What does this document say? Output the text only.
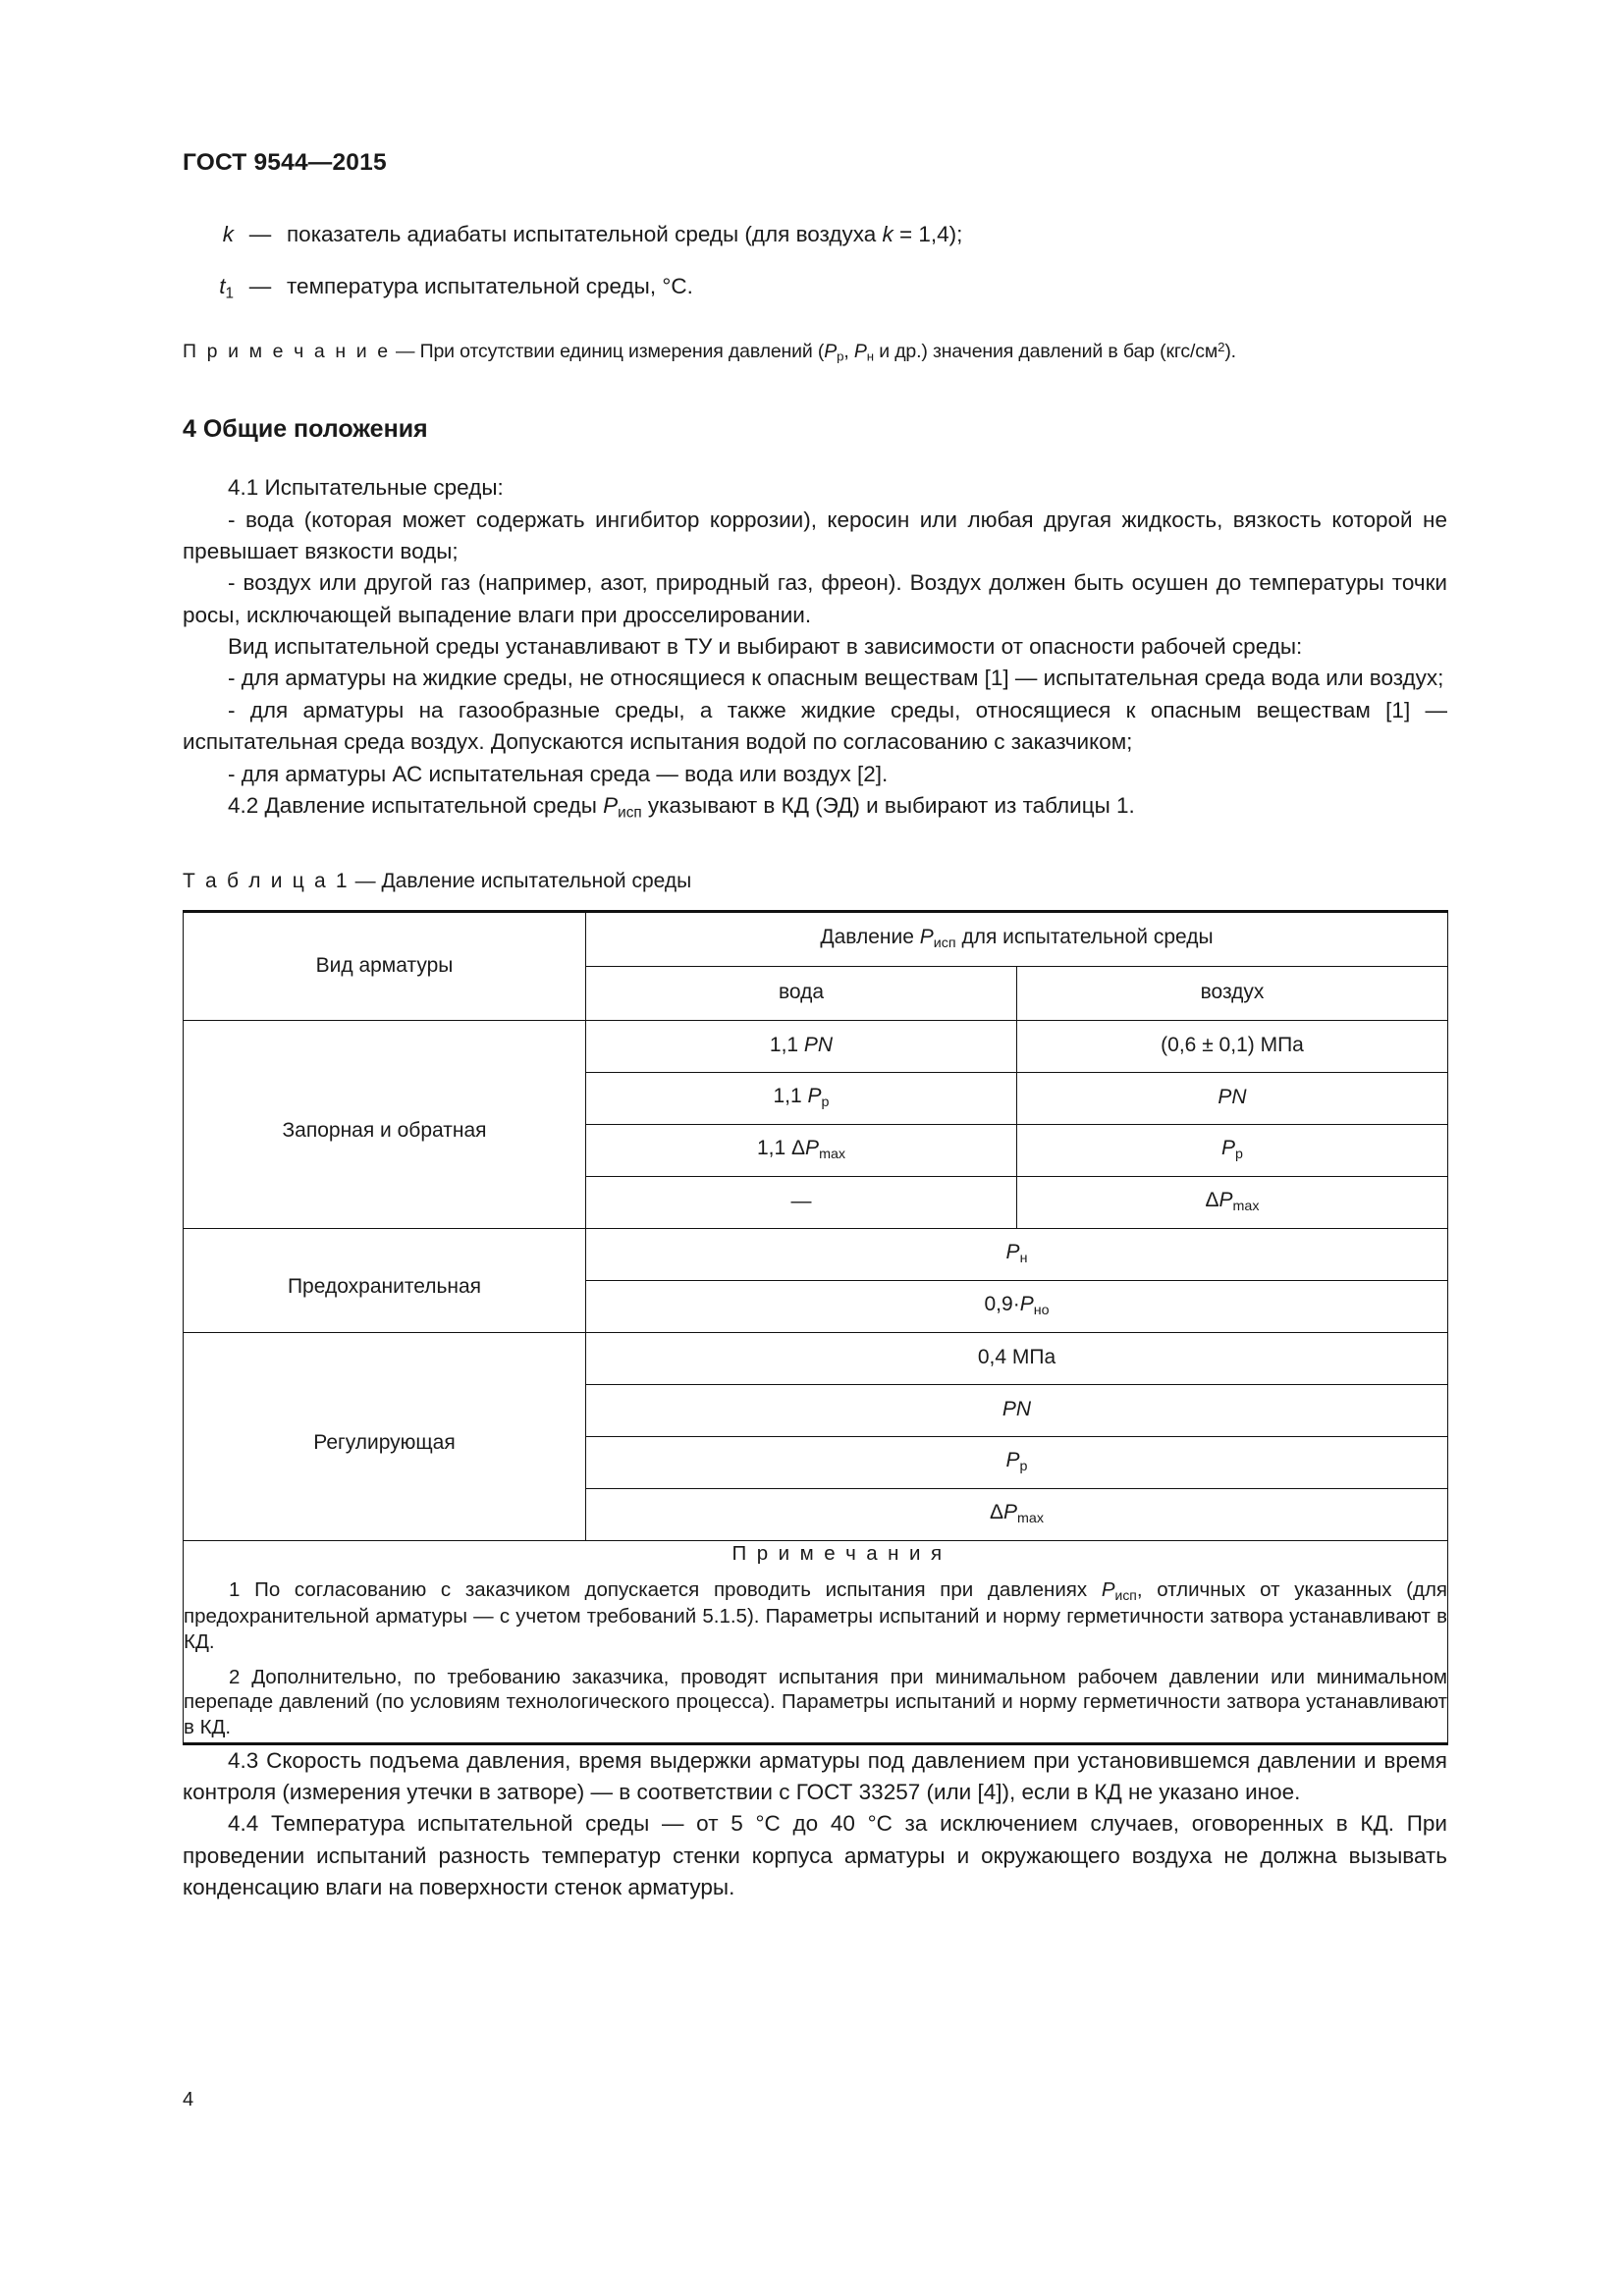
ГОСТ 9544—2015
k — показатель адиабаты испытательной среды (для воздуха k = 1,4);
$t_1$ — температура испытательной среды, °С.
П р и м е ч а н и е — При отсутствии единиц измерения давлений ($P_р$, $P_н$ и др.) значения давлений в бар $(кгс/см^2)$.
4 Общие положения

4.1 Испытательные среды:

- вода (которая может содержать ингибитор коррозии), керосин или любая другая жидкость, вязкость которой не превышает вязкости воды;

- воздух или другой газ (например, азот, природный газ, фреон). Воздух должен быть осушен до температуры точки росы, исключающей выпадение влаги при дросселировании.

Вид испытательной среды устанавливают в ТУ и выбирают в зависимости от опасности рабочей среды:

- для арматуры на жидкие среды, не относящиеся к опасным веществам [1] — испытательная среда вода или воздух;

- для арматуры на газообразные среды, а также жидкие среды, относящиеся к опасным веществам [1] — испытательная среда воздух. Допускаются испытания водой по согласованию с заказчиком;

- для арматуры АС испытательная среда — вода или воздух [2].

4.2 Давление испытательной среды $P_{исп}$ указывают в КД (ЭД) и выбирают из таблицы 1.

Т а б л и ц а 1 — Давление испытательной среды

Вид арматуры	Давление $P_{исп}$ для испытательной среды	
	вода	воздух

Запорная и обратная	1,1 PN	(0,6 ± 0,1) МПа
	1,1 $P_р$	PN
	1,1 $\Delta P_{max}$	$P_р$
	—	$\Delta P_{max}$

Предохранительная	$P_н$
	$0,9\cdot P_{но}$

Регулирующая	0,4 МПа	
	PN	
	$P_р$
	$\Delta P_{max}$

П р и м е ч а н и я

1 По согласованию с заказчиком допускается проводить испытания при давлениях $P_{исп}$, отличных от указанных (для предохранительной арматуры — с учетом требований 5.1.5). Параметры испытаний и норму герметичности затвора устанавливают в КД.

2 Дополнительно, по требованию заказчика, проводят испытания при минимальном рабочем давлении или минимальном перепаде давлений (по условиям технологического процесса). Параметры испытаний и норму герметичности затвора устанавливают в КД.		

4.3 Скорость подъема давления, время выдержки арматуры под давлением при установившемся давлении и время контроля (измерения утечки в затворе) — в соответствии с ГОСТ 33257 (или [4]), если в КД не указано иное.

4.4 Температура испытательной среды — от 5 °С до 40 °С за исключением случаев, оговоренных в КД. При проведении испытаний разность температур стенки корпуса арматуры и окружающего воздуха не должна вызывать конденсацию влаги на поверхности стенок арматуры.

4
